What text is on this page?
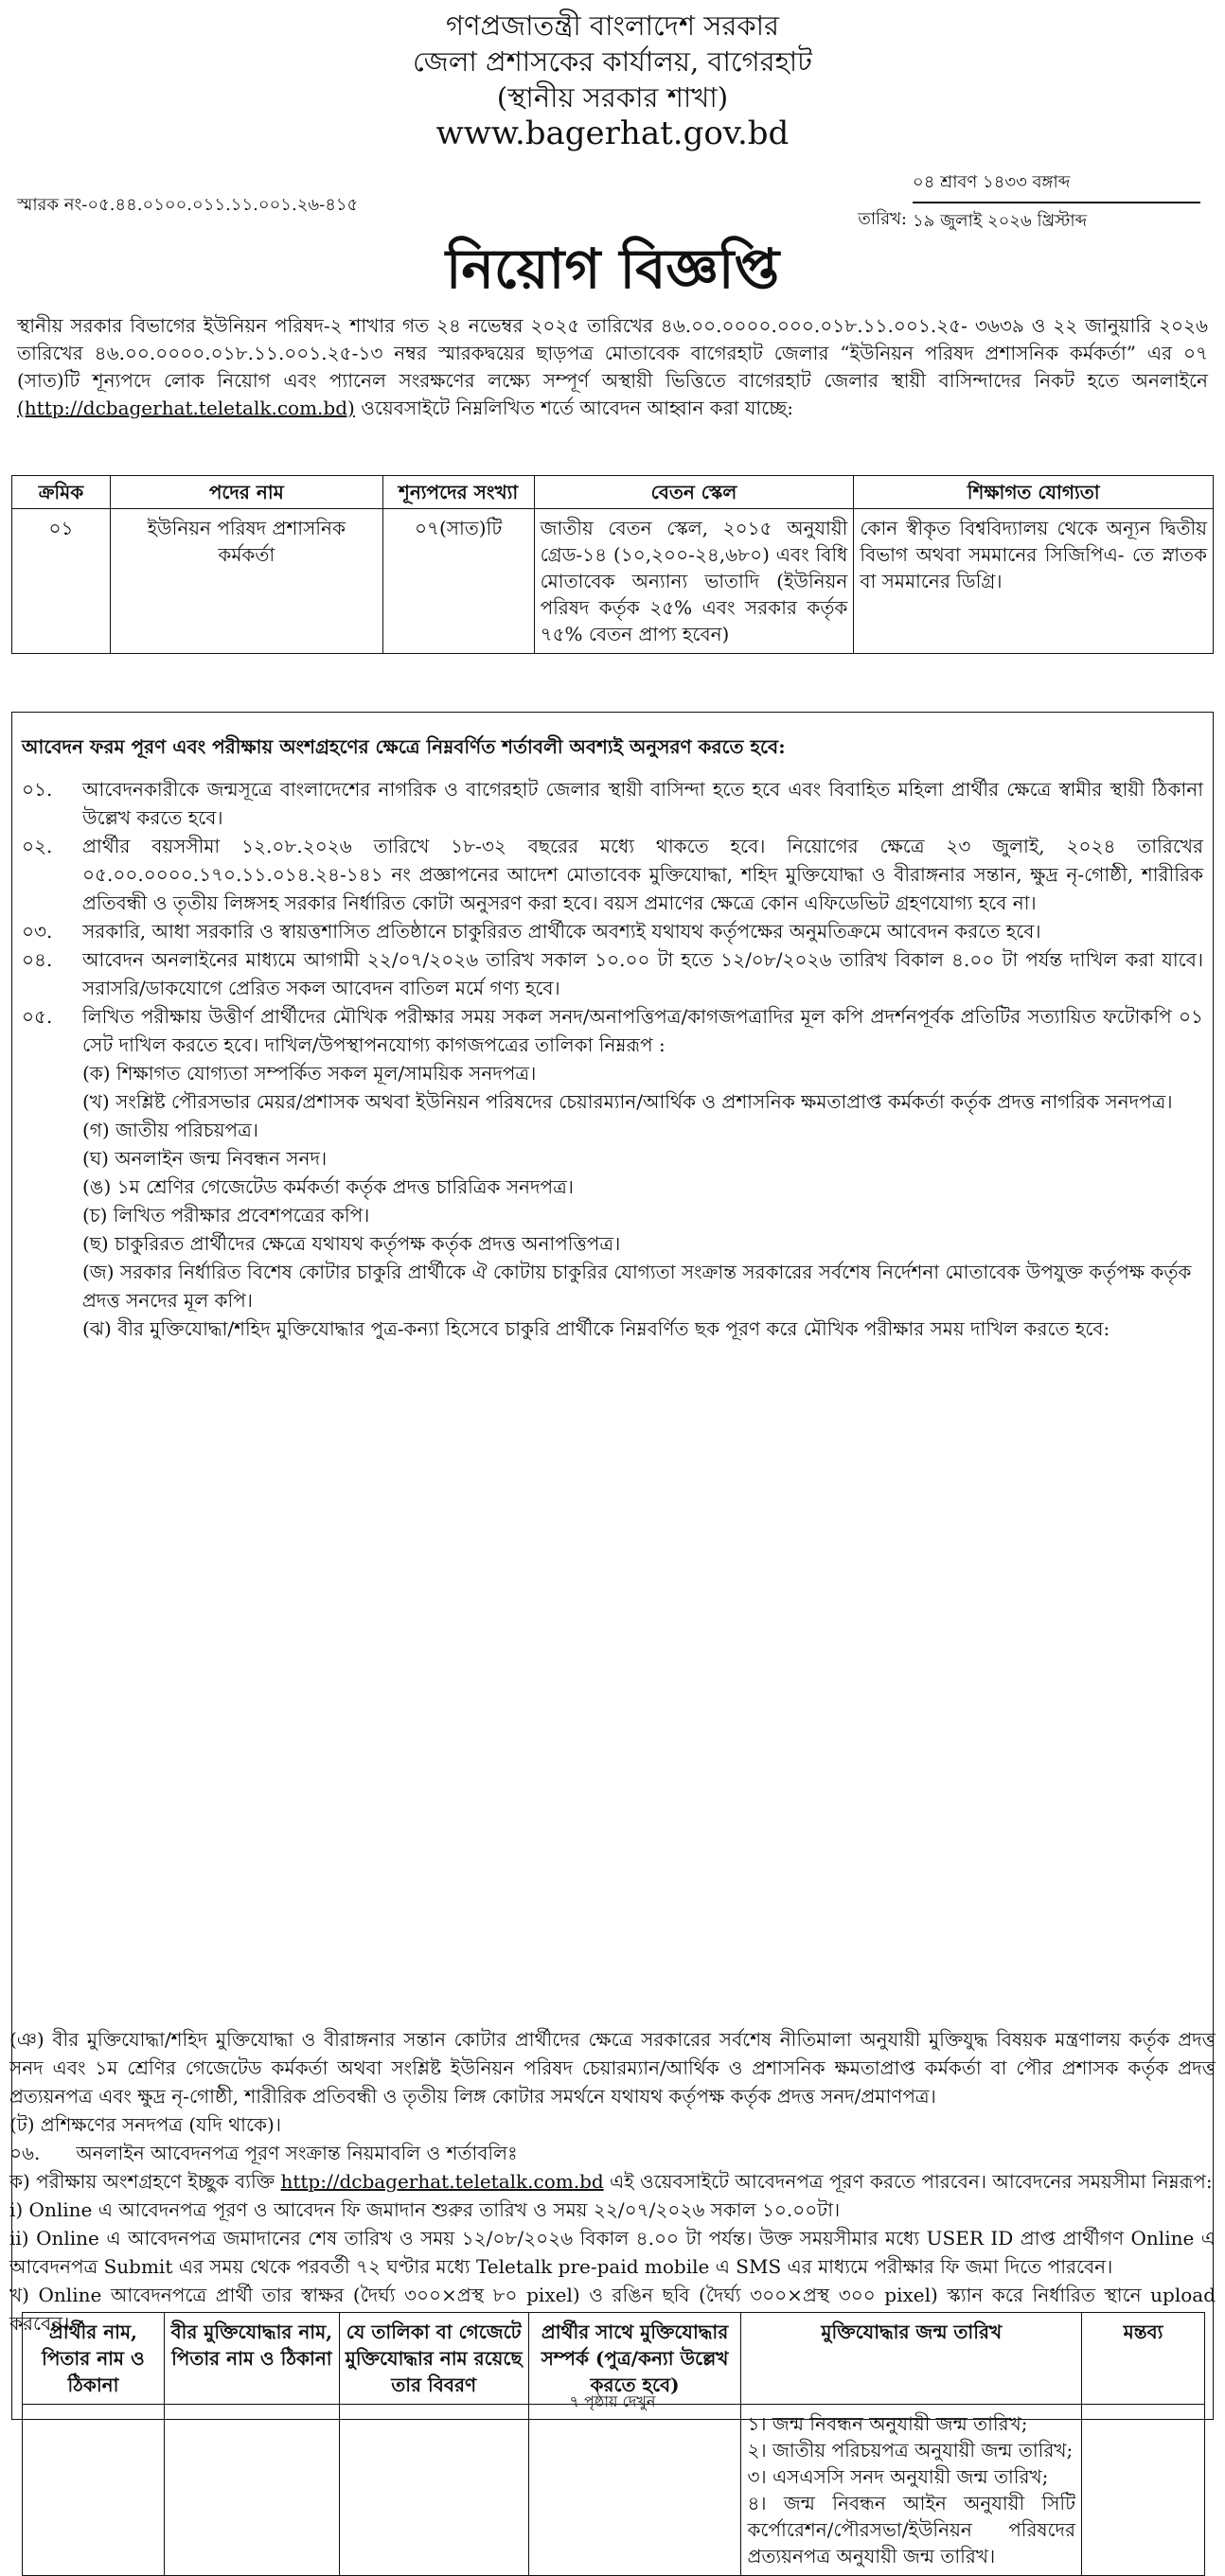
গণপ্রজাতন্ত্রী বাংলাদেশ সরকার
জেলা প্রশাসকের কার্যালয়, বাগেরহাট
(স্থানীয় সরকার শাখা)
www.bagerhat.gov.bd
স্মারক নং-০৫.৪৪.০১০০.০১১.১১.০০১.২৬-৪১৫
০৪ শ্রাবণ ১৪৩৩ বঙ্গাব্দ
তারিখ: ১৯ জুলাই ২০২৬ খ্রিস্টাব্দ
নিয়োগ বিজ্ঞপ্তি
স্থানীয় সরকার বিভাগের ইউনিয়ন পরিষদ-২ শাখার গত ২৪ নভেম্বর ২০২৫ তারিখের ৪৬.০০.০০০০.০০০.০১৮.১১.০০১.২৫- ৩৬৩৯ ও ২২ জানুয়ারি ২০২৬ তারিখের ৪৬.০০.০০০০.০১৮.১১.০০১.২৫-১৩ নম্বর স্মারকদ্বয়ের ছাড়পত্র মোতাবেক বাগেরহাট জেলার “ইউনিয়ন পরিষদ প্রশাসনিক কর্মকর্তা” এর ০৭ (সাত)টি শূন্যপদে লোক নিয়োগ এবং প্যানেল সংরক্ষণের লক্ষ্যে সম্পূর্ণ অস্থায়ী ভিত্তিতে বাগেরহাট জেলার স্থায়ী বাসিন্দাদের নিকট হতে অনলাইনে (http://dcbagerhat.teletalk.com.bd) ওয়েবসাইটে নিম্নলিখিত শর্তে আবেদন আহ্বান করা যাচ্ছে:
ক্রমিক	পদের নাম	শূন্যপদের সংখ্যা	বেতন স্কেল	শিক্ষাগত যোগ্যতা
০১	ইউনিয়ন পরিষদ প্রশাসনিক কর্মকর্তা	০৭(সাত)টি	জাতীয় বেতন স্কেল, ২০১৫ অনুযায়ী গ্রেড-১৪ (১০,২০০-২৪,৬৮০) এবং বিধি মোতাবেক অন্যান্য ভাতাদি (ইউনিয়ন পরিষদ কর্তৃক ২৫% এবং সরকার কর্তৃক ৭৫% বেতন প্রাপ্য হবেন)	কোন স্বীকৃত বিশ্ববিদ্যালয় থেকে অন্যূন দ্বিতীয় বিভাগ অথবা সমমানের সিজিপিএ- তে স্নাতক বা সমমানের ডিগ্রি।
আবেদন ফরম পূরণ এবং পরীক্ষায় অংশগ্রহণের ক্ষেত্রে নিম্নবর্ণিত শর্তাবলী অবশ্যই অনুসরণ করতে হবে:
০১.	আবেদনকারীকে জন্মসূত্রে বাংলাদেশের নাগরিক ও বাগেরহাট জেলার স্থায়ী বাসিন্দা হতে হবে এবং বিবাহিত মহিলা প্রার্থীর ক্ষেত্রে স্বামীর স্থায়ী ঠিকানা উল্লেখ করতে হবে।
০২.	প্রার্থীর বয়সসীমা ১২.০৮.২০২৬ তারিখে ১৮-৩২ বছরের মধ্যে থাকতে হবে। নিয়োগের ক্ষেত্রে ২৩ জুলাই, ২০২৪ তারিখের ০৫.০০.০০০০.১৭০.১১.০১৪.২৪-১৪১ নং প্রজ্ঞাপনের আদেশ মোতাবেক মুক্তিযোদ্ধা, শহিদ মুক্তিযোদ্ধা ও বীরাঙ্গনার সন্তান, ক্ষুদ্র নৃ-গোষ্ঠী, শারীরিক প্রতিবন্ধী ও তৃতীয় লিঙ্গসহ সরকার নির্ধারিত কোটা অনুসরণ করা হবে। বয়স প্রমাণের ক্ষেত্রে কোন এফিডেভিট গ্রহণযোগ্য হবে না।
০৩.	সরকারি, আধা সরকারি ও স্বায়ত্তশাসিত প্রতিষ্ঠানে চাকুরিরত প্রার্থীকে অবশ্যই যথাযথ কর্তৃপক্ষের অনুমতিক্রমে আবেদন করতে হবে।
০৪.	আবেদন অনলাইনের মাধ্যমে আগামী ২২/০৭/২০২৬ তারিখ সকাল ১০.০০ টা হতে ১২/০৮/২০২৬ তারিখ বিকাল ৪.০০ টা পর্যন্ত দাখিল করা যাবে। সরাসরি/ডাকযোগে প্রেরিত সকল আবেদন বাতিল মর্মে গণ্য হবে।
০৫.	লিখিত পরীক্ষায় উত্তীর্ণ প্রার্থীদের মৌখিক পরীক্ষার সময় সকল সনদ/অনাপত্তিপত্র/কাগজপত্রাদির মূল কপি প্রদর্শনপূর্বক প্রতিটির সত্যায়িত ফটোকপি ০১ সেট দাখিল করতে হবে। দাখিল/উপস্থাপনযোগ্য কাগজপত্রের তালিকা নিম্নরূপ :
(ক) শিক্ষাগত যোগ্যতা সম্পর্কিত সকল মূল/সাময়িক সনদপত্র।
(খ) সংশ্লিষ্ট পৌরসভার মেয়র/প্রশাসক অথবা ইউনিয়ন পরিষদের চেয়ারম্যান/আর্থিক ও প্রশাসনিক ক্ষমতাপ্রাপ্ত কর্মকর্তা কর্তৃক প্রদত্ত নাগরিক সনদপত্র।
(গ) জাতীয় পরিচয়পত্র।
(ঘ) অনলাইন জন্ম নিবন্ধন সনদ।
(ঙ) ১ম শ্রেণির গেজেটেড কর্মকর্তা কর্তৃক প্রদত্ত চারিত্রিক সনদপত্র।
(চ) লিখিত পরীক্ষার প্রবেশপত্রের কপি।
(ছ) চাকুরিরত প্রার্থীদের ক্ষেত্রে যথাযথ কর্তৃপক্ষ কর্তৃক প্রদত্ত অনাপত্তিপত্র।
(জ) সরকার নির্ধারিত বিশেষ কোটার চাকুরি প্রার্থীকে ঐ কোটায় চাকুরির যোগ্যতা সংক্রান্ত সরকারের সর্বশেষ নির্দেশনা মোতাবেক উপযুক্ত কর্তৃপক্ষ কর্তৃক প্রদত্ত সনদের মূল কপি।
(ঝ) বীর মুক্তিযোদ্ধা/শহিদ মুক্তিযোদ্ধার পুত্র-কন্যা হিসেবে চাকুরি প্রার্থীকে নিম্নবর্ণিত ছক পূরণ করে মৌখিক পরীক্ষার সময় দাখিল করতে হবে:
প্রার্থীর নাম, পিতার নাম ও ঠিকানা	বীর মুক্তিযোদ্ধার নাম, পিতার নাম ও ঠিকানা	যে তালিকা বা গেজেটে মুক্তিযোদ্ধার নাম রয়েছে তার বিবরণ	প্রার্থীর সাথে মুক্তিযোদ্ধার সম্পর্ক (পুত্র/কন্যা উল্লেখ করতে হবে)	মুক্তিযোদ্ধার জন্ম তারিখ	মন্তব্য

				১। জন্ম নিবন্ধন অনুযায়ী জন্ম তারিখ;
২। জাতীয় পরিচয়পত্র অনুযায়ী জন্ম তারিখ;
৩। এসএসসি সনদ অনুযায়ী জন্ম তারিখ;
৪। জন্ম নিবন্ধন আইন অনুযায়ী সিটি কর্পোরেশন/পৌরসভা/ইউনিয়ন পরিষদের প্রত্যয়নপত্র অনুযায়ী জন্ম তারিখ।	

(ঞ) বীর মুক্তিযোদ্ধা/শহিদ মুক্তিযোদ্ধা ও বীরাঙ্গনার সন্তান কোটার প্রার্থীদের ক্ষেত্রে সরকারের সর্বশেষ নীতিমালা অনুযায়ী মুক্তিযুদ্ধ বিষয়ক মন্ত্রণালয় কর্তৃক প্রদত্ত সনদ এবং ১ম শ্রেণির গেজেটেড কর্মকর্তা অথবা সংশ্লিষ্ট ইউনিয়ন পরিষদ চেয়ারম্যান/আর্থিক ও প্রশাসনিক ক্ষমতাপ্রাপ্ত কর্মকর্তা বা পৌর প্রশাসক কর্তৃক প্রদত্ত প্রত্যয়নপত্র এবং ক্ষুদ্র নৃ-গোষ্ঠী, শারীরিক প্রতিবন্ধী ও তৃতীয় লিঙ্গ কোটার সমর্থনে যথাযথ কর্তৃপক্ষ কর্তৃক প্রদত্ত সনদ/প্রমাণপত্র।
(ট) প্রশিক্ষণের সনদপত্র (যদি থাকে)।
০৬. অনলাইন আবেদনপত্র পূরণ সংক্রান্ত নিয়মাবলি ও শর্তাবলিঃ
ক) পরীক্ষায় অংশগ্রহণে ইচ্ছুক ব্যক্তি http://dcbagerhat.teletalk.com.bd এই ওয়েবসাইটে আবেদনপত্র পূরণ করতে পারবেন। আবেদনের সময়সীমা নিম্নরূপ:
i) Online এ আবেদনপত্র পূরণ ও আবেদন ফি জমাদান শুরুর তারিখ ও সময় ২২/০৭/২০২৬ সকাল ১০.০০টা।
ii) Online এ আবেদনপত্র জমাদানের শেষ তারিখ ও সময় ১২/০৮/২০২৬ বিকাল ৪.০০ টা পর্যন্ত। উক্ত সময়সীমার মধ্যে USER ID প্রাপ্ত প্রার্থীগণ Online এ আবেদনপত্র Submit এর সময় থেকে পরবর্তী ৭২ ঘণ্টার মধ্যে Teletalk pre-paid mobile এ SMS এর মাধ্যমে পরীক্ষার ফি জমা দিতে পারবেন।
খ) Online আবেদনপত্রে প্রার্থী তার স্বাক্ষর (দৈর্ঘ্য ৩০০×প্রস্থ ৮০ pixel) ও রঙিন ছবি (দৈর্ঘ্য ৩০০×প্রস্থ ৩০০ pixel) স্ক্যান করে নির্ধারিত স্থানে upload করবেন।
৭ পৃষ্ঠায় দেখুন
